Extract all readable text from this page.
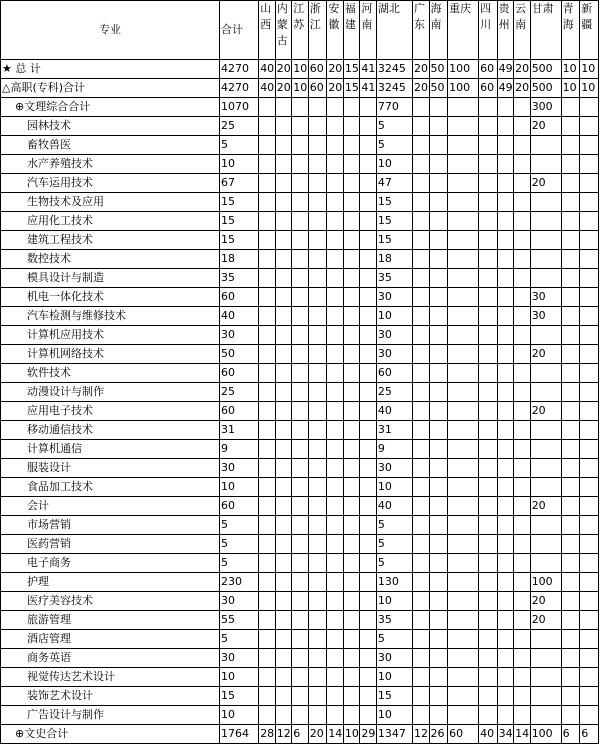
专业	合计	山西	内蒙古	江苏	浙江	安徽	福建	河南	湖北	广东	海南	重庆	四川	贵州	云南	甘肃	青海	新疆
★ 总 计	4270	40	20	10	60	20	15	41	3245	20	50	100	60	49	20	500	10	10
△高职(专科)合计	4270	40	20	10	60	20	15	41	3245	20	50	100	60	49	20	500	10	10
⊕文理综合合计	1070								770							300		
园林技术	25								5							20		
畜牧兽医	5								5									
水产养殖技术	10								10									
汽车运用技术	67								47							20		
生物技术及应用	15								15									
应用化工技术	15								15									
建筑工程技术	15								15									
数控技术	18								18									
模具设计与制造	35								35									
机电一体化技术	60								30							30		
汽车检测与维修技术	40								10							30		
计算机应用技术	30								30									
计算机网络技术	50								30							20		
软件技术	60								60									
动漫设计与制作	25								25									
应用电子技术	60								40							20		
移动通信技术	31								31									
计算机通信	9								9									
服装设计	30								30									
食品加工技术	10								10									
会计	60								40							20		
市场营销	5								5									
医药营销	5								5									
电子商务	5								5									
护理	230								130							100		
医疗美容技术	30								10							20		
旅游管理	55								35							20		
酒店管理	5								5									
商务英语	30								30									
视觉传达艺术设计	10								10									
装饰艺术设计	15								15									
广告设计与制作	10								10									
⊕文史合计	1764	28	12	6	20	14	10	29	1347	12	26	60	40	34	14	100	6	6
